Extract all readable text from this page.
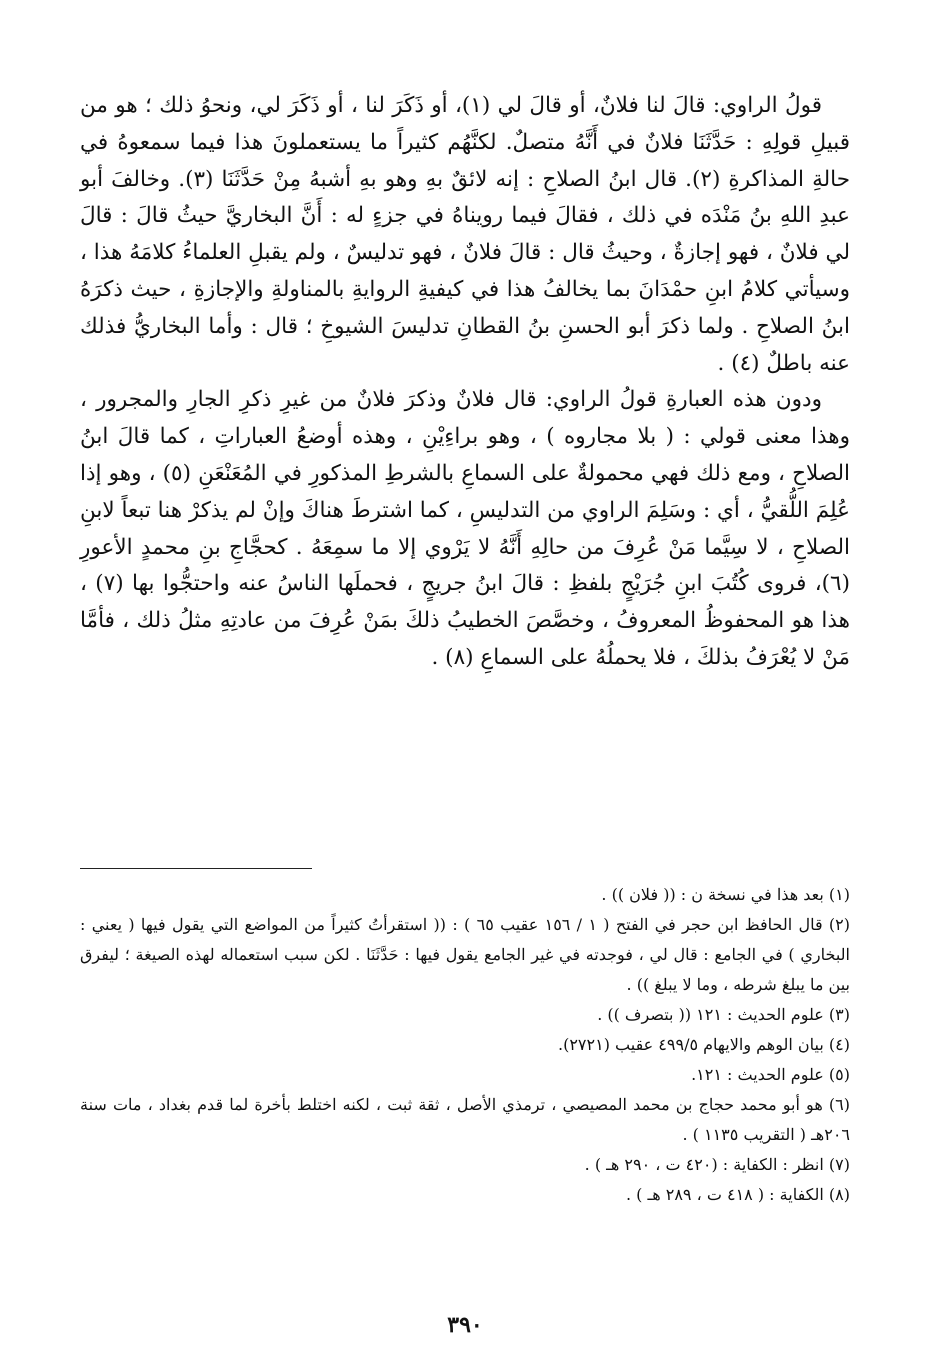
قولُ الراوي: قالَ لنا فلانٌ، أو قالَ لي (١)، أو ذَكَرَ لنا ، أو ذَكَرَ لي، ونحوُ ذلك ؛ هو من قبيلِ قولِهِ : حَدَّثَنَا فلانٌ في أَنَّهُ متصلٌ. لكنَّهُم كثيراً ما يستعملونَ هذا فيما سمعوهُ في حالةِ المذاكرةِ (٢). قال ابنُ الصلاحِ : إنه لائقٌ بهِ وهو بهِ أشبهُ مِنْ حَدَّثَنَا (٣). وخالفَ أبو عبدِ اللهِ بنُ مَنْدَه في ذلك ، فقالَ فيما رويناهُ في جزءٍ له : أَنَّ البخاريَّ حيثُ قالَ : قالَ لي فلانٌ ، فهو إجازةٌ ، وحيثُ قال : قالَ فلانٌ ، فهو تدليسٌ ، ولم يقبلِ العلماءُ كلامَهُ هذا ، وسيأتي كلامُ ابنِ حمْدَانَ بما يخالفُ هذا في كيفيةِ الروايةِ بالمناولةِ والإجازةِ ، حيث ذكرَهُ ابنُ الصلاحِ . ولما ذكرَ أبو الحسنِ بنُ القطانِ تدليسَ الشيوخِ ؛ قال : وأما البخاريُّ فذلك عنه باطلٌ (٤) .

ودون هذه العبارةِ قولُ الراوي: قال فلانٌ وذكرَ فلانٌ من غيرِ ذكرِ الجارِ والمجرور ، وهذا معنى قولي : ( بلا مجاروه ) ، وهو براءِيْنِ ، وهذه أوضعُ العباراتِ ، كما قالَ ابنُ الصلاحِ ، ومع ذلك فهي محمولةٌ على السماعِ بالشرطِ المذكورِ في المُعَنْعَنِ (٥) ، وهو إذا عُلِمَ اللُّقيُّ ، أي : وسَلِمَ الراوي من التدليسِ ، كما اشترطَ هناكَ وإنْ لم يذكرْ هنا تبعاً لابنِ الصلاحِ ، لا سِيَّما مَنْ عُرِفَ من حالِهِ أَنَّهُ لا يَرْوي إلا ما سمِعَهُ . كحجَّاجِ بنِ محمدٍ الأعورِ (٦)، فروى كُتُبَ ابنِ جُرَيْجٍ بلفظِ : قالَ ابنُ جريجٍ ، فحملَها الناسُ عنه واحتجُّوا بها (٧) ، هذا هو المحفوظُ المعروفُ ، وخصَّصَ الخطيبُ ذلكَ بمَنْ عُرِفَ من عادتِهِ مثلُ ذلك ، فأمَّا مَنْ لا يُعْرَفُ بذلكَ ، فلا يحملُهُ على السماعِ (٨) .

(١) بعد هذا في نسخة ن : (( فلان )) .

(٢) قال الحافظ ابن حجر في الفتح ( ١ / ١٥٦ عقيب ٦٥ ) : (( استقرأتُ كثيراً من المواضع التي يقول فيها ( يعني : البخاري ) في الجامع : قال لي ، فوجدته في غير الجامع يقول فيها : حَدَّثَنَا . لكن سبب استعماله لهذه الصيغة ؛ ليفرق بين ما يبلغ شرطه ، وما لا يبلغ )) .

(٣) علوم الحديث : ١٢١ (( بتصرف )) .

(٤) بيان الوهم والايهام ٤٩٩/٥ عقيب (٢٧٢١).

(٥) علوم الحديث : ١٢١.

(٦) هو أبو محمد حجاج بن محمد المصيصي ، ترمذي الأصل ، ثقة ثبت ، لكنه اختلط بأخرة لما قدم بغداد ، مات سنة ٢٠٦هـ ( التقريب ١١٣٥ ) .

(٧) انظر : الكفاية : (٤٢٠ ت ، ٢٩٠ هـ ) .

(٨) الكفاية : ( ٤١٨ ت ، ٢٨٩ هـ ) .

٣٩٠
